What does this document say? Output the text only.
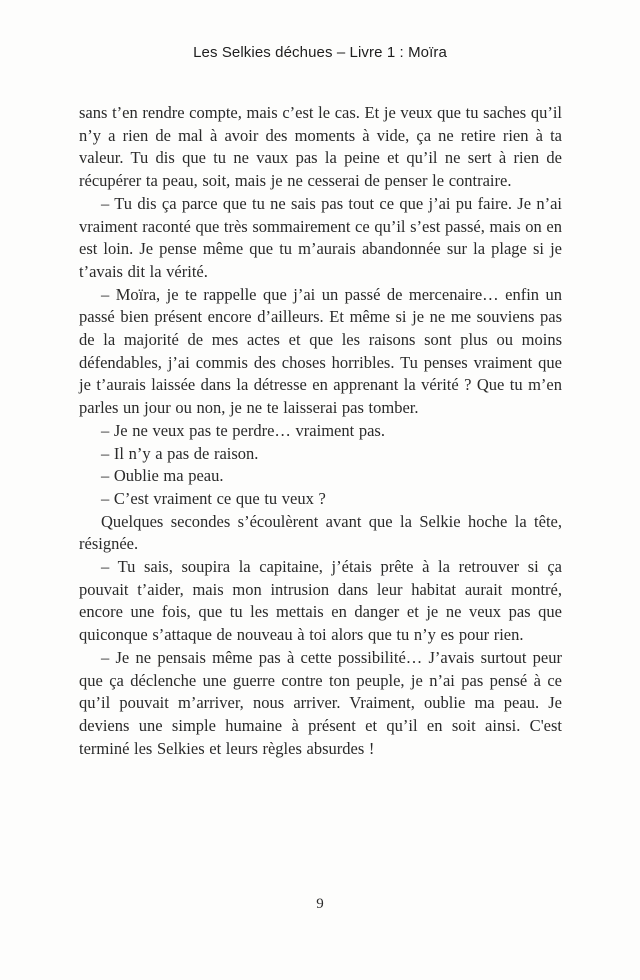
Les Selkies déchues – Livre 1 : Moïra

sans t’en rendre compte, mais c’est le cas. Et je veux que tu saches qu’il n’y a rien de mal à avoir des moments à vide, ça ne retire rien à ta valeur. Tu dis que tu ne vaux pas la peine et qu’il ne sert à rien de récupérer ta peau, soit, mais je ne cesserai de penser le contraire.

– Tu dis ça parce que tu ne sais pas tout ce que j’ai pu faire. Je n’ai vraiment raconté que très sommairement ce qu’il s’est passé, mais on en est loin. Je pense même que tu m’aurais abandonnée sur la plage si je t’avais dit la vérité.

– Moïra, je te rappelle que j’ai un passé de mercenaire… enfin un passé bien présent encore d’ailleurs. Et même si je ne me souviens pas de la majorité de mes actes et que les raisons sont plus ou moins défendables, j’ai commis des choses horribles. Tu penses vraiment que je t’aurais laissée dans la détresse en apprenant la vérité ? Que tu m’en parles un jour ou non, je ne te laisserai pas tomber.

– Je ne veux pas te perdre… vraiment pas.

– Il n’y a pas de raison.

– Oublie ma peau.

– C’est vraiment ce que tu veux ?

Quelques secondes s’écoulèrent avant que la Selkie hoche la tête, résignée.

– Tu sais, soupira la capitaine, j’étais prête à la retrouver si ça pouvait t’aider, mais mon intrusion dans leur habitat aurait montré, encore une fois, que tu les mettais en danger et je ne veux pas que quiconque s’attaque de nouveau à toi alors que tu n’y es pour rien.

– Je ne pensais même pas à cette possibilité… J’avais surtout peur que ça déclenche une guerre contre ton peuple, je n’ai pas pensé à ce qu’il pouvait m’arriver, nous arriver. Vraiment, oublie ma peau. Je deviens une simple humaine à présent et qu’il en soit ainsi. C'est terminé les Selkies et leurs règles absurdes !

9
